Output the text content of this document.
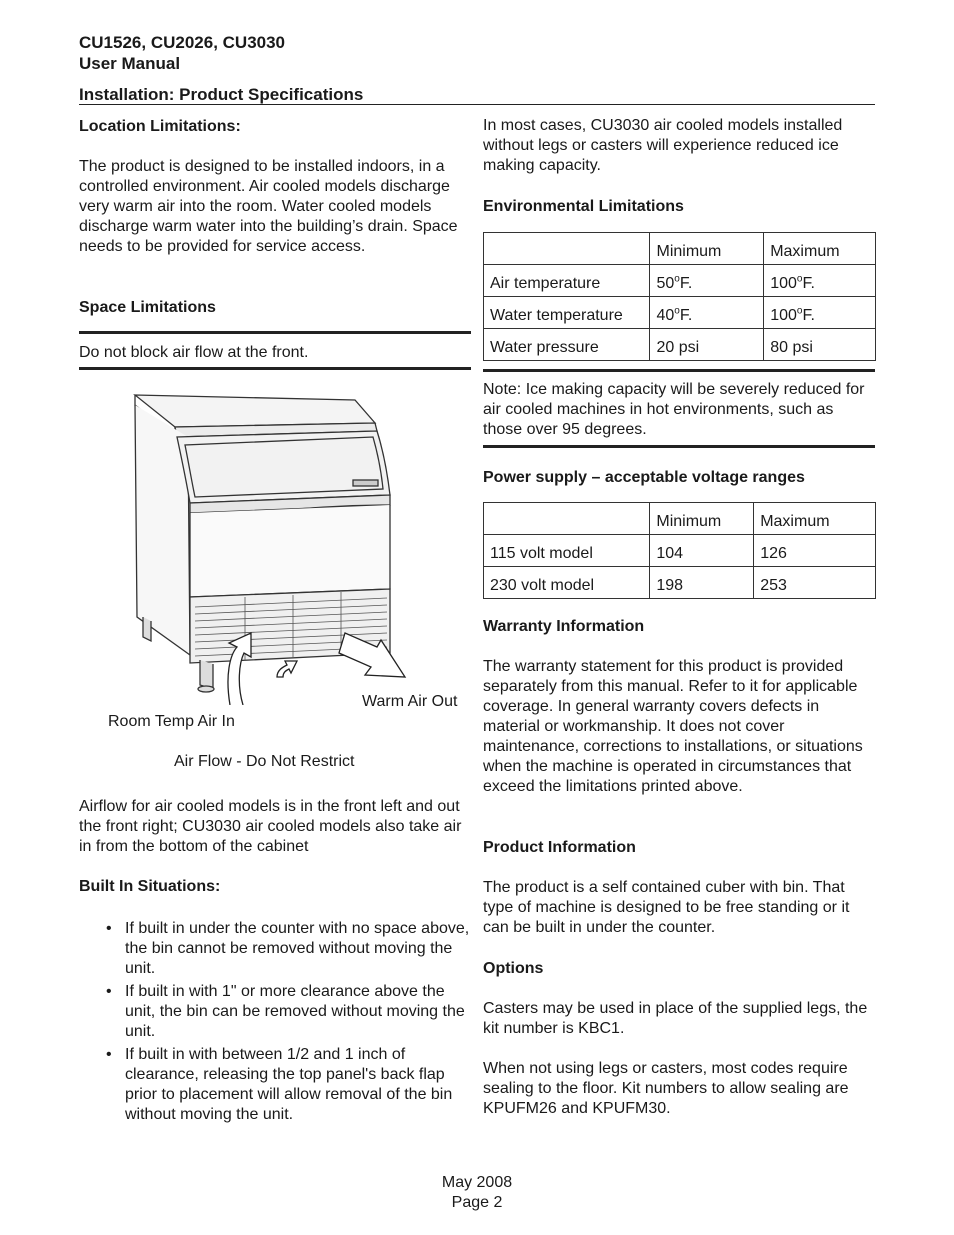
CU1526, CU2026, CU3030
User Manual
Installation: Product Specifications
Location Limitations:
The product is designed to be installed indoors, in a controlled environment. Air cooled models discharge very warm air into the room. Water cooled models discharge warm water into the building’s drain. Space needs to be provided for service access.
Space Limitations
Do not block air flow at the front.
Warm Air Out
Room Temp Air In
Air Flow - Do Not Restrict
Airflow for air cooled models is in the front left and out the front right; CU3030 air cooled models also take air in from the bottom of the cabinet
Built In Situations:
• If built in under the counter with no space above, the bin cannot be removed without moving the unit.
• If built in with 1" or more clearance above the unit, the bin can be removed without moving the unit.
• If built in with between 1/2 and 1 inch of clearance, releasing the top panel's back flap prior to placement will allow removal of the bin without moving the unit.
In most cases, CU3030 air cooled models installed without legs or casters will experience reduced ice making capacity.
Environmental Limitations
	Minimum	Maximum
Air temperature	50$^o$F.	100$^o$F.
Water temperature	40$^o$F.	100$^o$F.
Water pressure	20 psi	80 psi
Note: Ice making capacity will be severely reduced for air cooled machines in hot environments, such as those over 95 degrees.
Power supply – acceptable voltage ranges
	Minimum	Maximum
115 volt model	104	126
230 volt model	198	253
Warranty Information
The warranty statement for this product is provided separately from this manual. Refer to it for applicable coverage. In general warranty covers defects in material or workmanship. It does not cover maintenance, corrections to installations, or situations when the machine is operated in circumstances that exceed the limitations printed above.
Product Information
The product is a self contained cuber with bin. That type of machine is designed to be free standing or it can be built in under the counter.
Options
Casters may be used in place of the supplied legs, the kit number is KBC1.
When not using legs or casters, most codes require sealing to the floor. Kit numbers to allow sealing are KPUFM26 and KPUFM30.
May 2008
Page 2
